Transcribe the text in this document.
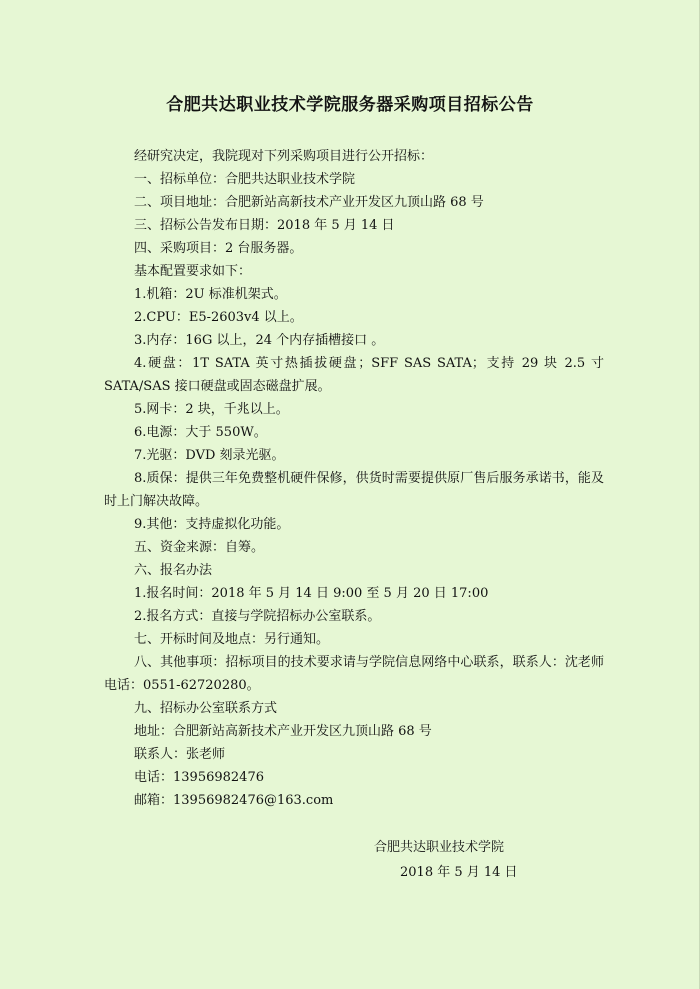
合肥共达职业技术学院服务器采购项目招标公告

经研究决定，我院现对下列采购项目进行公开招标：

一、招标单位：合肥共达职业技术学院

二、项目地址：合肥新站高新技术产业开发区九顶山路 68 号

三、招标公告发布日期：2018 年 5 月 14 日

四、采购项目：2 台服务器。

基本配置要求如下：

1.机箱：2U 标准机架式。

2.CPU：E5-2603v4 以上。

3.内存：16G 以上，24 个内存插槽接口 。

4.硬盘：1T SATA 英寸热插拔硬盘；SFF SAS SATA；支持 29 块 2.5 寸 SATA/SAS 接口硬盘或固态磁盘扩展。

5.网卡：2 块，千兆以上。

6.电源：大于 550W。

7.光驱：DVD 刻录光驱。

8.质保：提供三年免费整机硬件保修，供货时需要提供原厂售后服务承诺书，能及时上门解决故障。

9.其他：支持虚拟化功能。

五、资金来源：自筹。

六、报名办法

1.报名时间：2018 年 5 月 14 日 9:00 至 5 月 20 日 17:00

2.报名方式：直接与学院招标办公室联系。

七、开标时间及地点：另行通知。

八、其他事项：招标项目的技术要求请与学院信息网络中心联系，联系人：沈老师 电话：0551-62720280。

九、招标办公室联系方式

地址：合肥新站高新技术产业开发区九顶山路 68 号

联系人：张老师

电话：13956982476

邮箱：13956982476@163.com

合肥共达职业技术学院

2018 年 5 月 14 日
